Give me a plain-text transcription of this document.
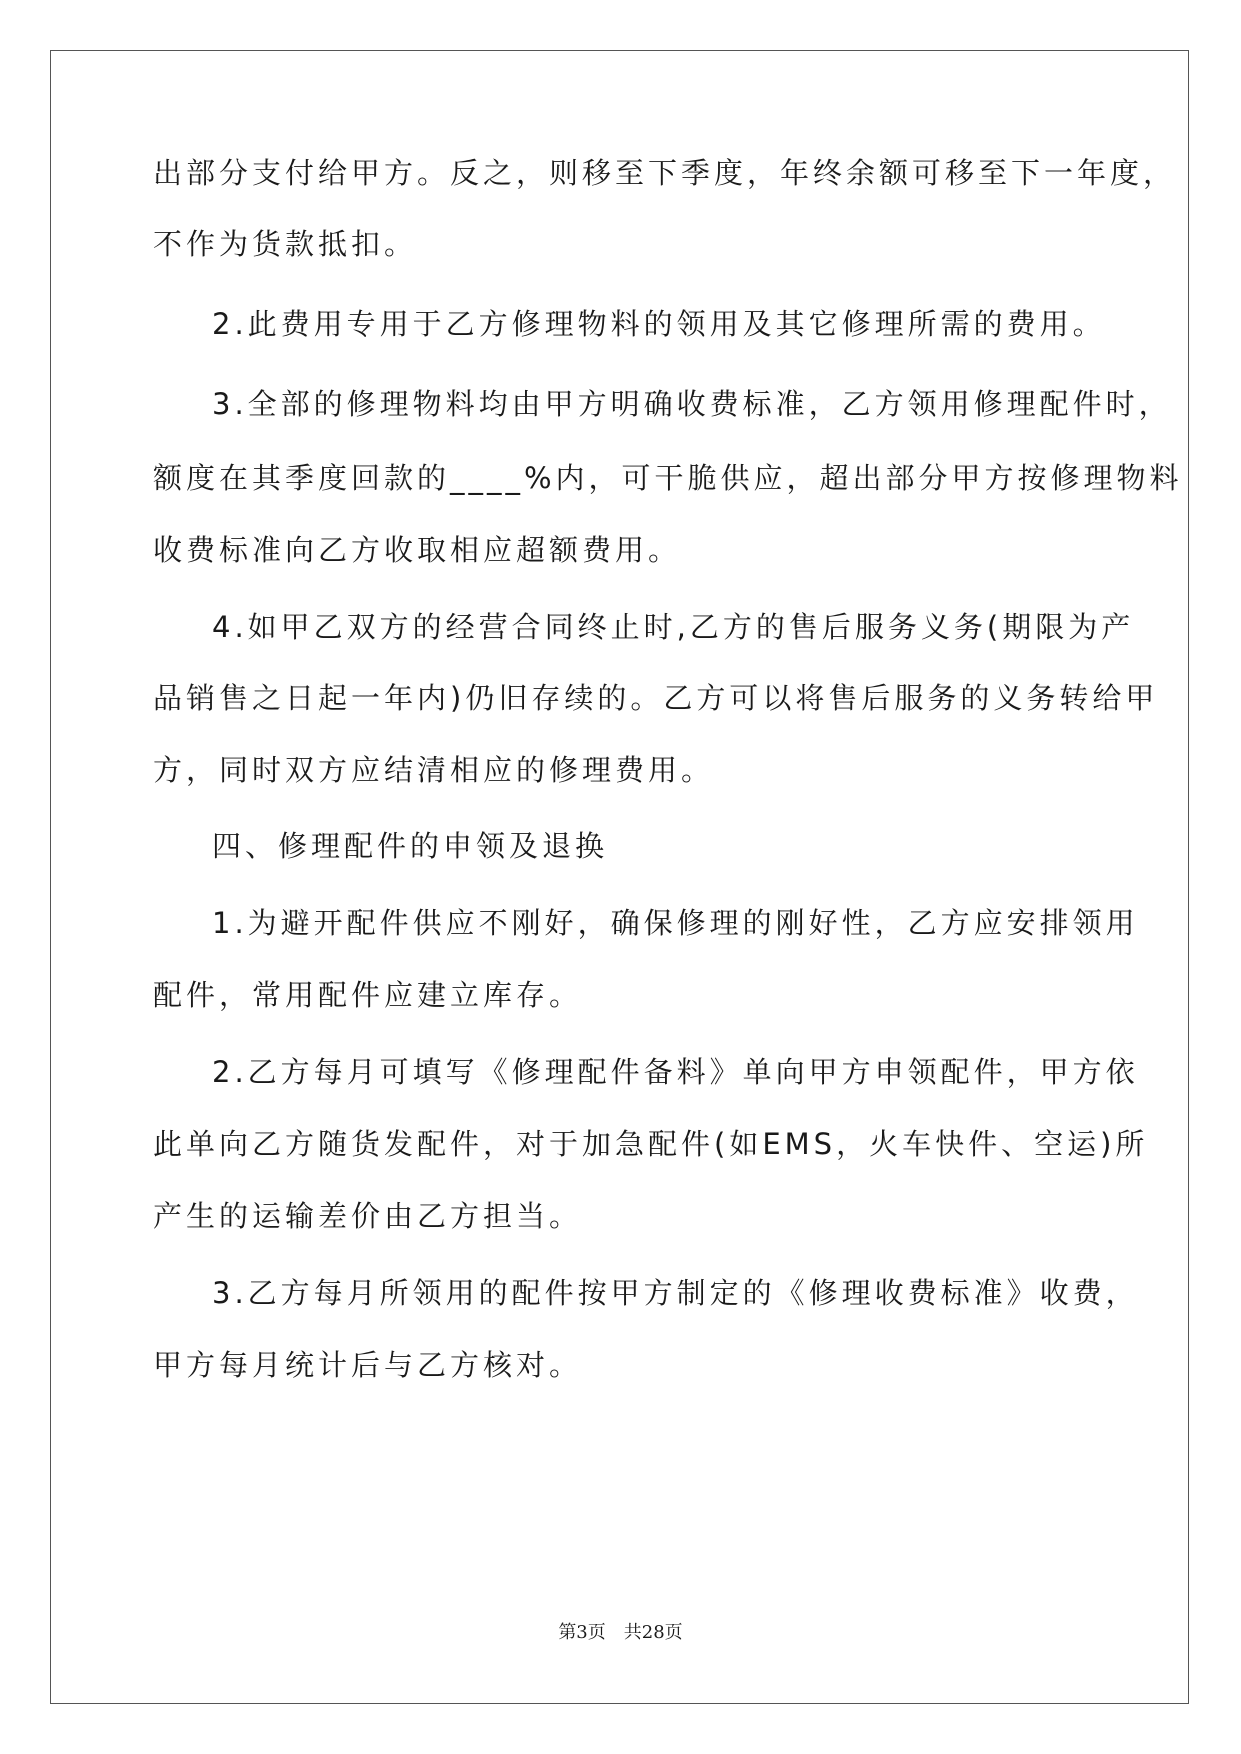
出部分支付给甲方。反之，则移至下季度，年终余额可移至下一年度，
不作为货款抵扣。
2.此费用专用于乙方修理物料的领用及其它修理所需的费用。
3.全部的修理物料均由甲方明确收费标准，乙方领用修理配件时，
额度在其季度回款的____%内，可干脆供应，超出部分甲方按修理物料
收费标准向乙方收取相应超额费用。
4.如甲乙双方的经营合同终止时,乙方的售后服务义务(期限为产
品销售之日起一年内)仍旧存续的。乙方可以将售后服务的义务转给甲
方，同时双方应结清相应的修理费用。
四、修理配件的申领及退换
1.为避开配件供应不刚好，确保修理的刚好性，乙方应安排领用
配件，常用配件应建立库存。
2.乙方每月可填写《修理配件备料》单向甲方申领配件，甲方依
此单向乙方随货发配件，对于加急配件(如EMS，火车快件、空运)所
产生的运输差价由乙方担当。
3.乙方每月所领用的配件按甲方制定的《修理收费标准》收费，
甲方每月统计后与乙方核对。
第3页 共28页
